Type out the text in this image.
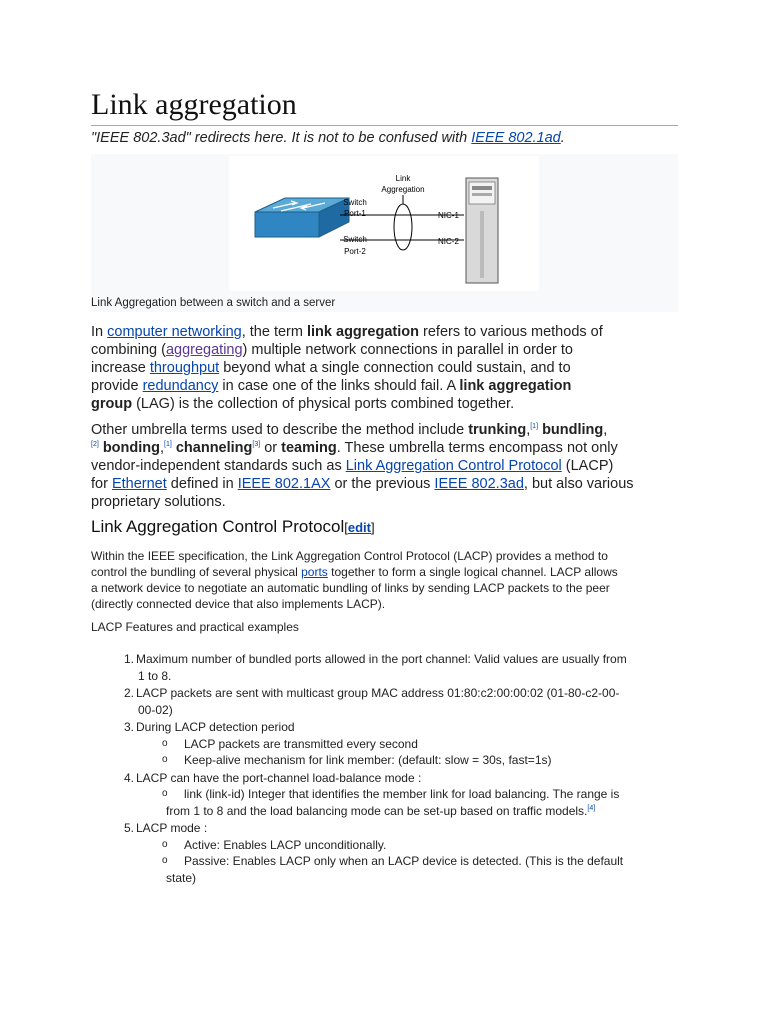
Link aggregation
"IEEE 802.3ad" redirects here. It is not to be confused with IEEE 802.1ad.
Link
Aggregation
Switch
Port-1
Switch
Port-2
NIC-1
NIC-2
Link Aggregation between a switch and a server
In computer networking, the term link aggregation refers to various methods of
combining (aggregating) multiple network connections in parallel in order to
increase throughput beyond what a single connection could sustain, and to
provide redundancy in case one of the links should fail. A link aggregation
group (LAG) is the collection of physical ports combined together.
Other umbrella terms used to describe the method include trunking,[1] bundling,
[2] bonding,[1] channeling[3] or teaming. These umbrella terms encompass not only
vendor-independent standards such as Link Aggregation Control Protocol (LACP)
for Ethernet defined in IEEE 802.1AX or the previous IEEE 802.3ad, but also various
proprietary solutions.
Link Aggregation Control Protocol[edit]
Within the IEEE specification, the Link Aggregation Control Protocol (LACP) provides a method to
control the bundling of several physical ports together to form a single logical channel. LACP allows
a network device to negotiate an automatic bundling of links by sending LACP packets to the peer
(directly connected device that also implements LACP).
LACP Features and practical examples
1. Maximum number of bundled ports allowed in the port channel: Valid values are usually from
1 to 8.
2. LACP packets are sent with multicast group MAC address 01:80:c2:00:00:02 (01-80-c2-00-
00-02)
3. During LACP detection period
o LACP packets are transmitted every second
o Keep-alive mechanism for link member: (default: slow = 30s, fast=1s)
4. LACP can have the port-channel load-balance mode :
o link (link-id) Integer that identifies the member link for load balancing. The range is
from 1 to 8 and the load balancing mode can be set-up based on traffic models.[4]
5. LACP mode :
o Active: Enables LACP unconditionally.
o Passive: Enables LACP only when an LACP device is detected. (This is the default
state)
